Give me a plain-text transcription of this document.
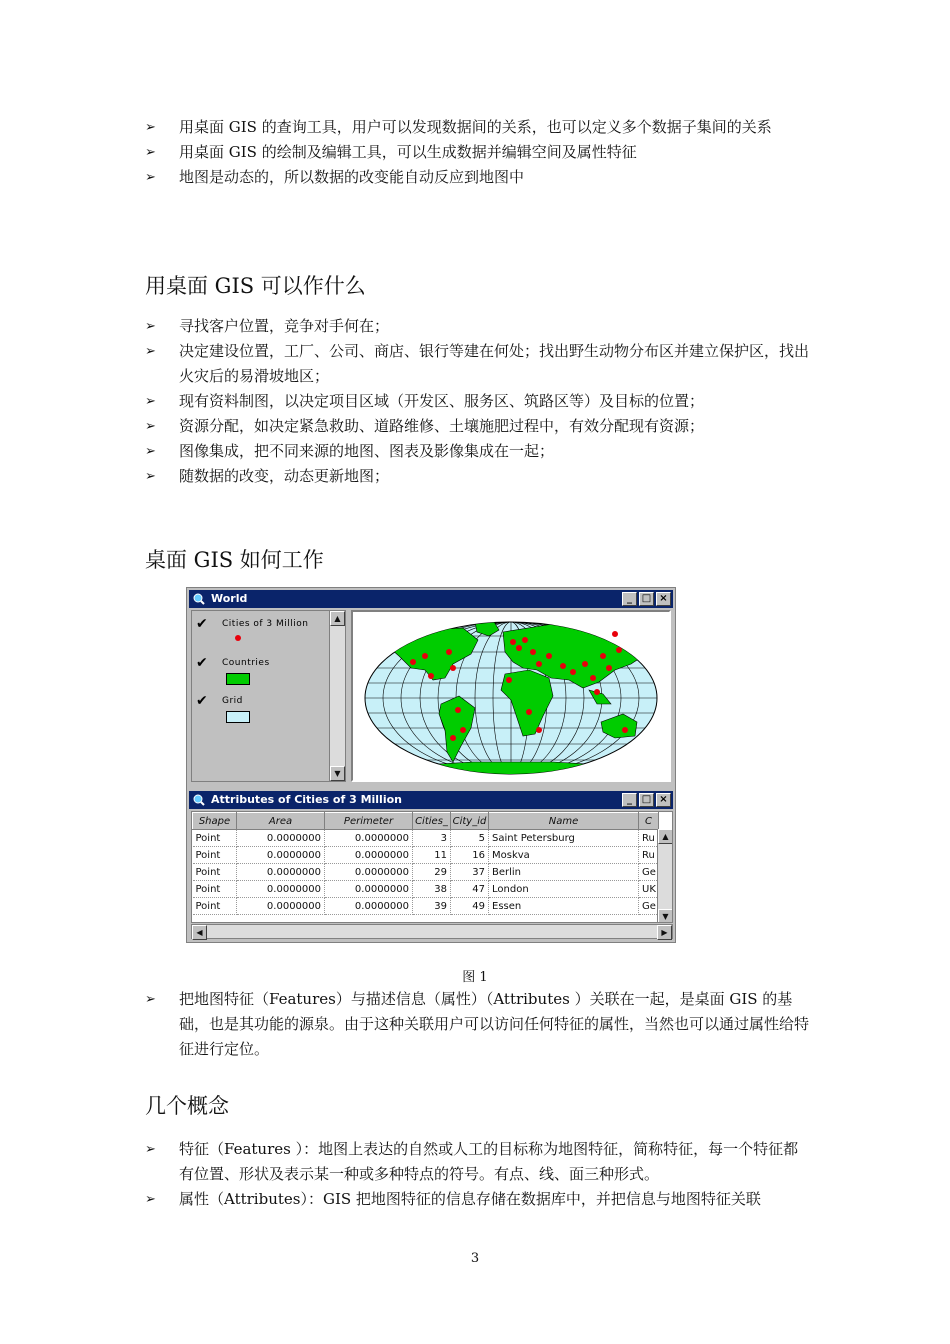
➢ 用桌面 GIS 的查询工具，用户可以发现数据间的关系，也可以定义多个数据子集间的关系
➢ 用桌面 GIS 的绘制及编辑工具，可以生成数据并编辑空间及属性特征
➢ 地图是动态的，所以数据的改变能自动反应到地图中
用桌面 GIS 可以作什么
➢ 寻找客户位置，竞争对手何在；
➢ 决定建设位置，工厂、公司、商店、银行等建在何处；找出野生动物分布区并建立保护区，找出火灾后的易滑坡地区；
➢ 现有资料制图，以决定项目区域（开发区、服务区、筑路区等）及目标的位置；
➢ 资源分配，如决定紧急救助、道路维修、土壤施肥过程中，有效分配现有资源；
➢ 图像集成，把不同来源的地图、图表及影像集成在一起；
➢ 随数据的改变，动态更新地图；
桌面 GIS 如何工作
World	_ □ ×
✔ Cities of 3 Million
✔ Countries
✔ Grid
▲
▼
Attributes of Cities of 3 Million	_ □ ×
Shape	Area	Perimeter	Cities_	City_id	Name	C
Point	0.0000000	0.0000000	3	5	Saint Petersburg	Ru
Point	0.0000000	0.0000000	11	16	Moskva	Ru
Point	0.0000000	0.0000000	29	37	Berlin	Ge
Point	0.0000000	0.0000000	38	47	London	UK
Point	0.0000000	0.0000000	39	49	Essen	Ge
▲
▼
◀	▶
图 1
➢ 把地图特征（Features）与描述信息（属性）（Attributes ）关联在一起，是桌面 GIS 的基础，也是其功能的源泉。由于这种关联用户可以访问任何特征的属性，当然也可以通过属性给特征进行定位。
几个概念
➢ 特征（Features ）：地图上表达的自然或人工的目标称为地图特征，简称特征，每一个特征都有位置、形状及表示某一种或多种特点的符号。有点、线、面三种形式。
➢ 属性（Attributes）：GIS 把地图特征的信息存储在数据库中，并把信息与地图特征关联
3
